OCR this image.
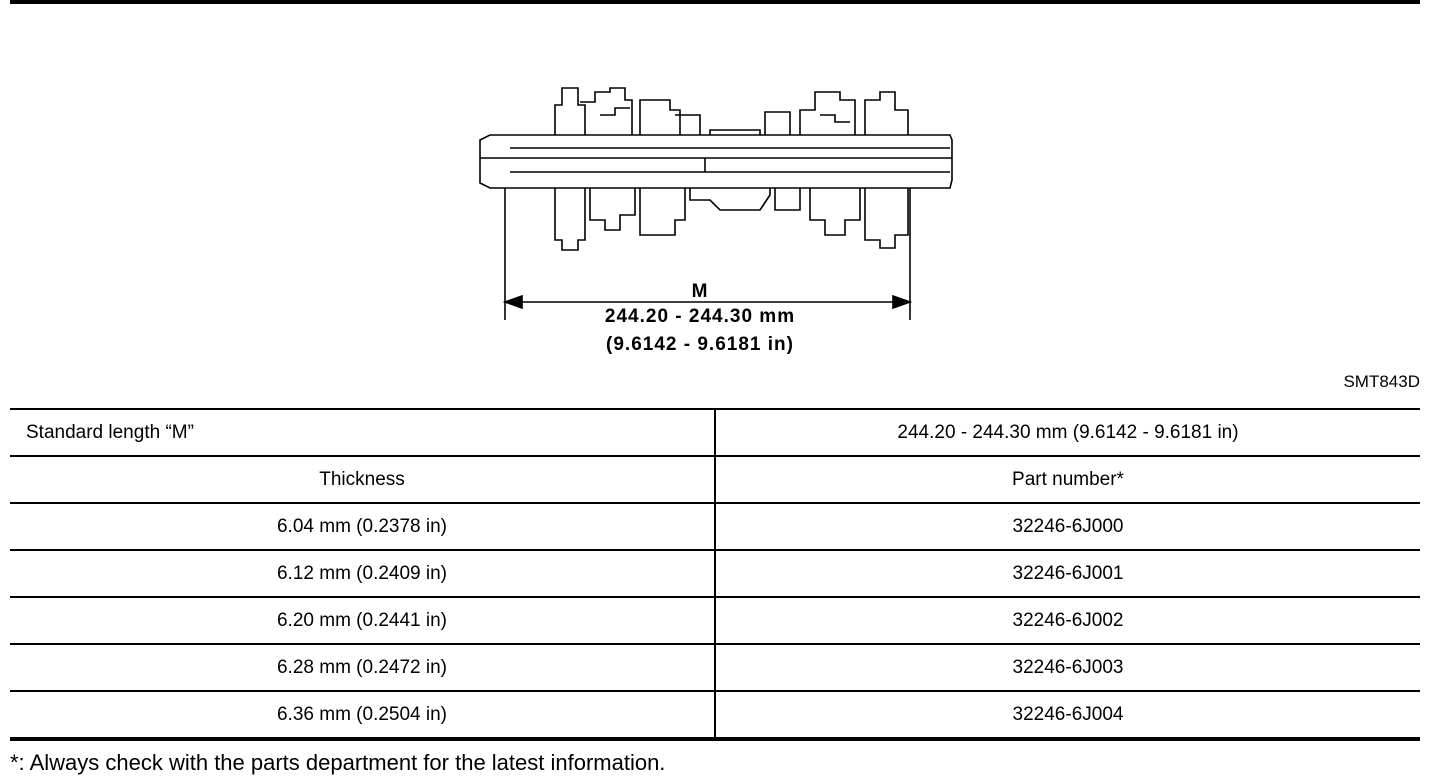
M
244.20 - 244.30 mm
(9.6142 - 9.6181 in)
SMT843D
Standard length “M”	244.20 - 244.30 mm (9.6142 - 9.6181 in)
Thickness	Part number*
6.04 mm (0.2378 in)	32246-6J000
6.12 mm (0.2409 in)	32246-6J001
6.20 mm (0.2441 in)	32246-6J002
6.28 mm (0.2472 in)	32246-6J003
6.36 mm (0.2504 in)	32246-6J004
*: Always check with the parts department for the latest information.
